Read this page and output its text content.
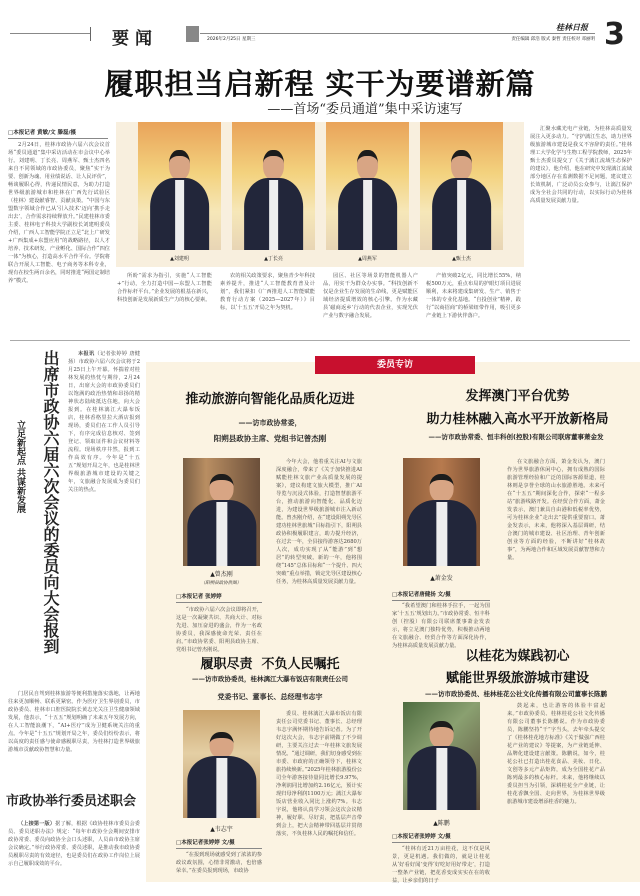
要闻	2026年2月25日 星期三
桂林日报
责任编辑 邱浩 版式 秦哲 责任校对 邓丽明 3
履职担当启新程 实干为要谱新篇
——首场“委员通道”集中采访速写
□本报记者 黄敏/文 滕磊/摄
2月24日，桂林市政协六届六次会议首场“委员通道”集中采访活动在市会议中心举行。刘建明、丁长亮、周燕军、甄士杰四名来自不同领域的市政协委员，聚焦“实干为要、创新为魂、用业绩说话、让人民评价”，畅谈履职心得，传递民情民意，为助力打造世界级旅游城市和桂林在广西先行试验区（桂林）建设献睿智、贡献良策。“中国与东盟数字领域合作已从‘引入技术’迈向‘携手走出去’，合作需求持续释放升。”民建桂林市委主委、桂林电子科技大学副校长刘建明委员介绍，广西人工智能学院正立足“北上广研发+广西集成+东盟应用”的战略路径，以人才培养、技术研发、产业孵化、国际合作“四位一体”为核心，打造高水平合作平台。学院将联合开展人工智能、电子商务等本科专业，现有在校生两百余名，同时推进“两国定制培养”模式。
▲刘建明	▲丁长亮	▲周燕军	▲甄士杰
所盼”需求为指引，实施“人工智能+”行动，全力打造中国—东盟人工智能合作标杆平台。”企业发展的根基在新兴，科技创新是发展新质生产力的核心要素。
农的相关政策要求，聚焦青少年科技素养提升，推进“人工智能教育普及计划”，我们紧扣《广西推进人工智能赋能教育行动方案（2025—2027年）》目标，以‘十五五’开局之年为契机。
园区、社区等场景的智能机器人产品，用实干为群众办实事。“科技创新不仅是企业生存发展的生命线，更是赋能区域经济提质增效的核心引擎。作为水藏县‘磁商返乡’行动的代表企业，实现光伏产业与数字融合发展。
产值突破2亿元，同比增长55%，纳税500万元，重点布局的护眼灯项目进展顺利，未来将建成集研发、生产、销售于一体的专业化基地。“自投创业”精神，践行“以商招商”的桥梁纽带作用，吸引更多产业链上下游伙伴落户。
汇聚水藏光电产业链，为桂林高质量发展注入更多动力。“守护漓江生态，助力世界级旅游城市建设是我义不容辞的责任。”桂林理工大学化学与生物工程学院教师，2025年甄士杰委员提交了《关于漓江流域生态保护的建议》，他介绍，他在研究中发现漓江流域部分地区存在监测数据不足问题，建议建立长效机制，广泛动员公众参与，让漓江保护成为全社会共同的行动，以实际行动为桂林高质量发展贡献力量。
出席市政协六届六次会议的委员向大会报到
立足新起点 共谋新发展
本报讯（记者张婷婷 唐健扬）市政协六届六次会议将于2月25日上午开幕。怀揣着对桂林发展的热忱与期待，2月24日，出席大会的市政协委员们以饱满的政治热情和昂扬的精神状态陆续抵达住地，向大会报到。在桂林漓江大瀑布饭店，桂林香格里拉大酒店报到现场，委员们在工作人员引导下，有序完成信息核对、签到登记、领取证件和会议材料等流程。现场秩序井然，报到工作高效有序。今年是“十五五”规划开局之年，也是桂林世界级旅游城市建设的关键之年，文旅融合发展成为委员们关注的热点。
门居民自驾到桂林旅游等便利措施落实落地，让两地往来更加顺畅、联系更紧密。作为医疗卫生界别委员，市政协委员、桂林市口腔医院院长黄志光关注卫生健康领域发展，他表示，“十五五”规划明确了未来五年发展方向，在人工智能浪潮下，“AI+医疗”成为卫健系统关注的重点。今年是“十五五”规划开局之年，委员们纷纷表示，将以高度的责任感与使命感履职尽责，为桂林打造世界级旅游城市贡献政协智慧和力量。
市政协举行委员述职会
（上接第一版）据了解，根据《政协桂林市委员会委员、委员述职办法》规定：“每年市政协全会期间安排市政协常委、委员向政协全会口头述职，人员由市政协主席会议确定。”举行政协常委、委员述职，是推动我市政协委员履职尽责的有效途径，也是委员们在政协工作岗位上展示自己履职成效的平台。
委员专访
推动旅游向智能化品质化迈进
——访市政协常委，
阳朔县政协主席、党组书记曾杰刚
▲曾杰刚
（阳朔县政协供图）
□本报记者 张婷婷
“市政协六届六次会议即将召开，这是一次凝聚共识、共商大计、对标先进、加压奋进的盛会，作为一名政协委员，我深感使命光荣、责任在肩。”市政协常委、阳朔县政协主席、党组书记曾杰刚说。
今年大会，他着重关注AI与文旅深度融合，带来了《关于加快推进AI赋能桂林文旅产业高质量发展的提案》，建议构建文旅大模型，推广AI导览与沉浸式体验，打造智慧旅游平台，推动旅游向智能化、品质化迈进，为建设世界级旅游城市注入新动能。曾杰刚介绍，在“建设阳朔先导区 建功桂林世旅城”目标指引下，阳朔县政协积极履职建言，助力提升经济，在过去一年，全县接待游客达2680万人次，成功实现了从“能游”到“想居”的转型突破。新的一年，他将围绕“145”总体目标和“一个提升、四大突破”重点举措，锁定先导区建设核心任务，为桂林高质量发展贡献力量。
发挥澳门平台优势
助力桂林融入高水平开放新格局
——访市政协常委、恒丰科创(控股)有限公司联席董事萧金发
▲萧金发
□本报记者唐健扬 文/摄
“我希望澳门和桂林手拉手，一起为国家‘十五五’规划出力。”市政协常委、恒丰科创（控股）有限公司联席董事萧金发表示，将立足澳门独特优势，积极推动两地在文旅融合、经贸合作等方面深化协作，为桂林高质量发展贡献力量。
在文旅融合方面，萧金发认为，澳门作为世界旅游休闲中心，拥有成熟的国际旅游管理经验和广泛的国际客源渠道，桂林则是享誉全球的山水旅游胜地。未来可在“十五五”期间深化合作，探索“一程多站”旅游线路开发。在经贸合作方面，萧金发表示，澳门兼具自由港和低税率优势，可为桂林企业“走出去”提供重要窗口。萧金发表示，未来，他将深入基层调研，结合澳门的城市建设、社区治理、青年创新创业等方面的经验，不断讲好“桂林故事”，为两地合作和区域发展贡献智慧和力量。
履职尽责  不负人民嘱托
——访市政协委员，桂林漓江大瀑布饭店有限责任公司
党委书记、董事长、总经理韦志宇
▲韦志宇
□本报记者张婷婷 文/摄
“在报到现场就感受到了浓浓的参政议政氛围，心情非常激动，也倍感荣幸。”在委员报到现场，市政协
委员、桂林漓江大瀑布饭店有限责任公司党委书记、董事长、总经理韦志宇满怀期待地告诉记者。为了开好这次大会，韦志宇前期做了不少调研，主要关注过去一年桂林文旅发展情况。“通过调研，我们切身感受到在市委、市政府的正确领导下，桂林文旅持续焕新。”2025年桂林旅游股份公司全年游客接待量同比增长9.97%，净利润同比增加约2.16亿元，预计实现归母净利润1100万元；漓江大瀑布饭店营业收入同比上涨约7%。韦志宇说，他将认真学习领会这次会议精神，履好职、尽好责，把基层声音带到会上，把大会精神带回基层并贯彻落实，不负桂林人民的嘱托和信任。
以桂花为媒践初心
赋能世界级旅游城市建设
——访市政协委员、桂林桂花公社文化传播有限公司董事长陈鹏
▲陈鹏
□本报记者张婷婷 文/摄
“桂林有近21万亩桂花，这不仅是风景，更是机遇。我们做的，就是让桂花从‘好看好闻’变得‘好吃好用好带走’，打造一整条产业链，把花香变成实实在在的收益，让乡亲们的日子
鼓起来，也让游客的体验丰富起来。”市政协委员、桂林桂花公社文化传播有限公司董事长陈鹏说。作为市政协委员，陈鹏坚持“干”字当头，去年牵头提交了《桂林桂花地方标准》《关于做强广西桂花产业的建议》等提案，为产业链延伸、品牌化建设建言献策。陈鹏说，如今，桂花公社已打造出桂花食品、美妆、日化、文创等多元产品矩阵，成为全国桂花产品陈列最多的核心标杆。未来，他将继续以委员担当为引领，深耕桂花全产业链，让桂花香飘全国、走向世界，为桂林世界级旅游城市建设增添桂香的魅力。
